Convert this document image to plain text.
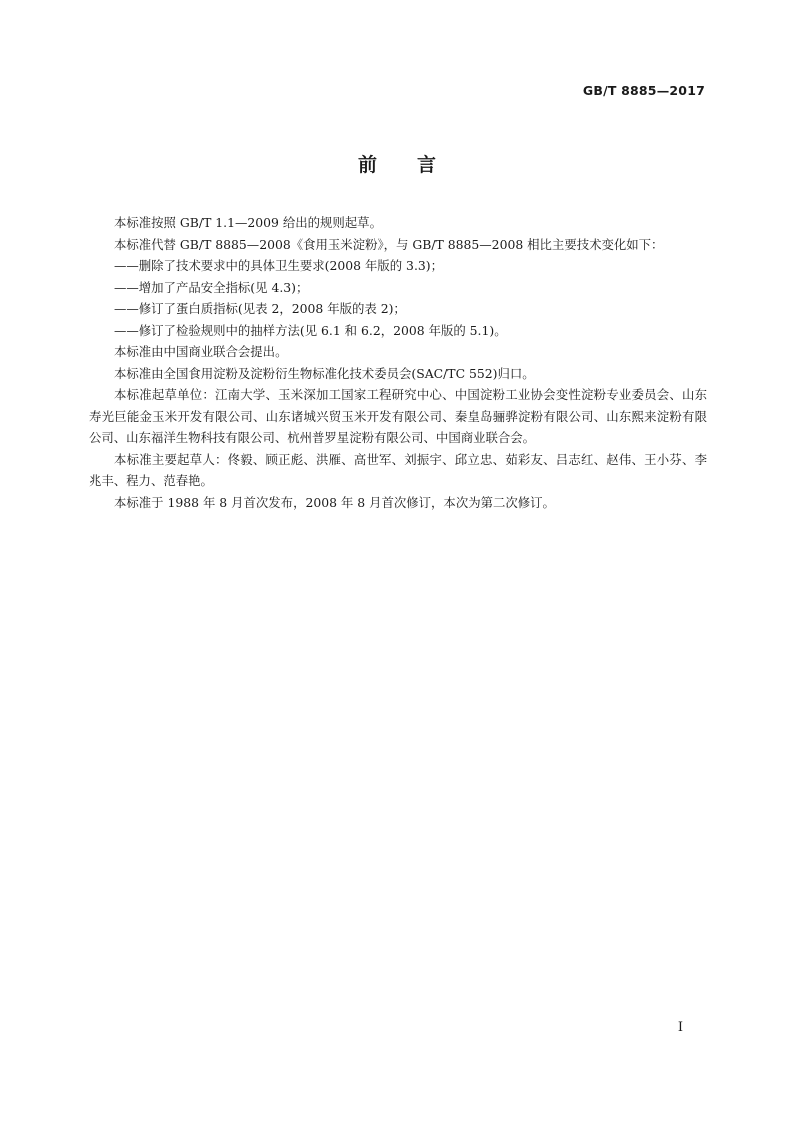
GB/T 8885—2017
前言

本标准按照 GB/T 1.1—2009 给出的规则起草。

本标准代替 GB/T 8885—2008《食用玉米淀粉》，与 GB/T 8885—2008 相比主要技术变化如下：

——删除了技术要求中的具体卫生要求(2008 年版的 3.3)；

——增加了产品安全指标(见 4.3)；

——修订了蛋白质指标(见表 2，2008 年版的表 2)；

——修订了检验规则中的抽样方法(见 6.1 和 6.2，2008 年版的 5.1)。

本标准由中国商业联合会提出。

本标准由全国食用淀粉及淀粉衍生物标准化技术委员会(SAC/TC 552)归口。

本标准起草单位：江南大学、玉米深加工国家工程研究中心、中国淀粉工业协会变性淀粉专业委员会、山东寿光巨能金玉米开发有限公司、山东诸城兴贸玉米开发有限公司、秦皇岛骊骅淀粉有限公司、山东熙来淀粉有限公司、山东福洋生物科技有限公司、杭州普罗星淀粉有限公司、中国商业联合会。

本标准主要起草人：佟毅、顾正彪、洪雁、高世军、刘振宇、邱立忠、茹彩友、吕志红、赵伟、王小芬、李兆丰、程力、范春艳。

本标准于 1988 年 8 月首次发布，2008 年 8 月首次修订，本次为第二次修订。

I
